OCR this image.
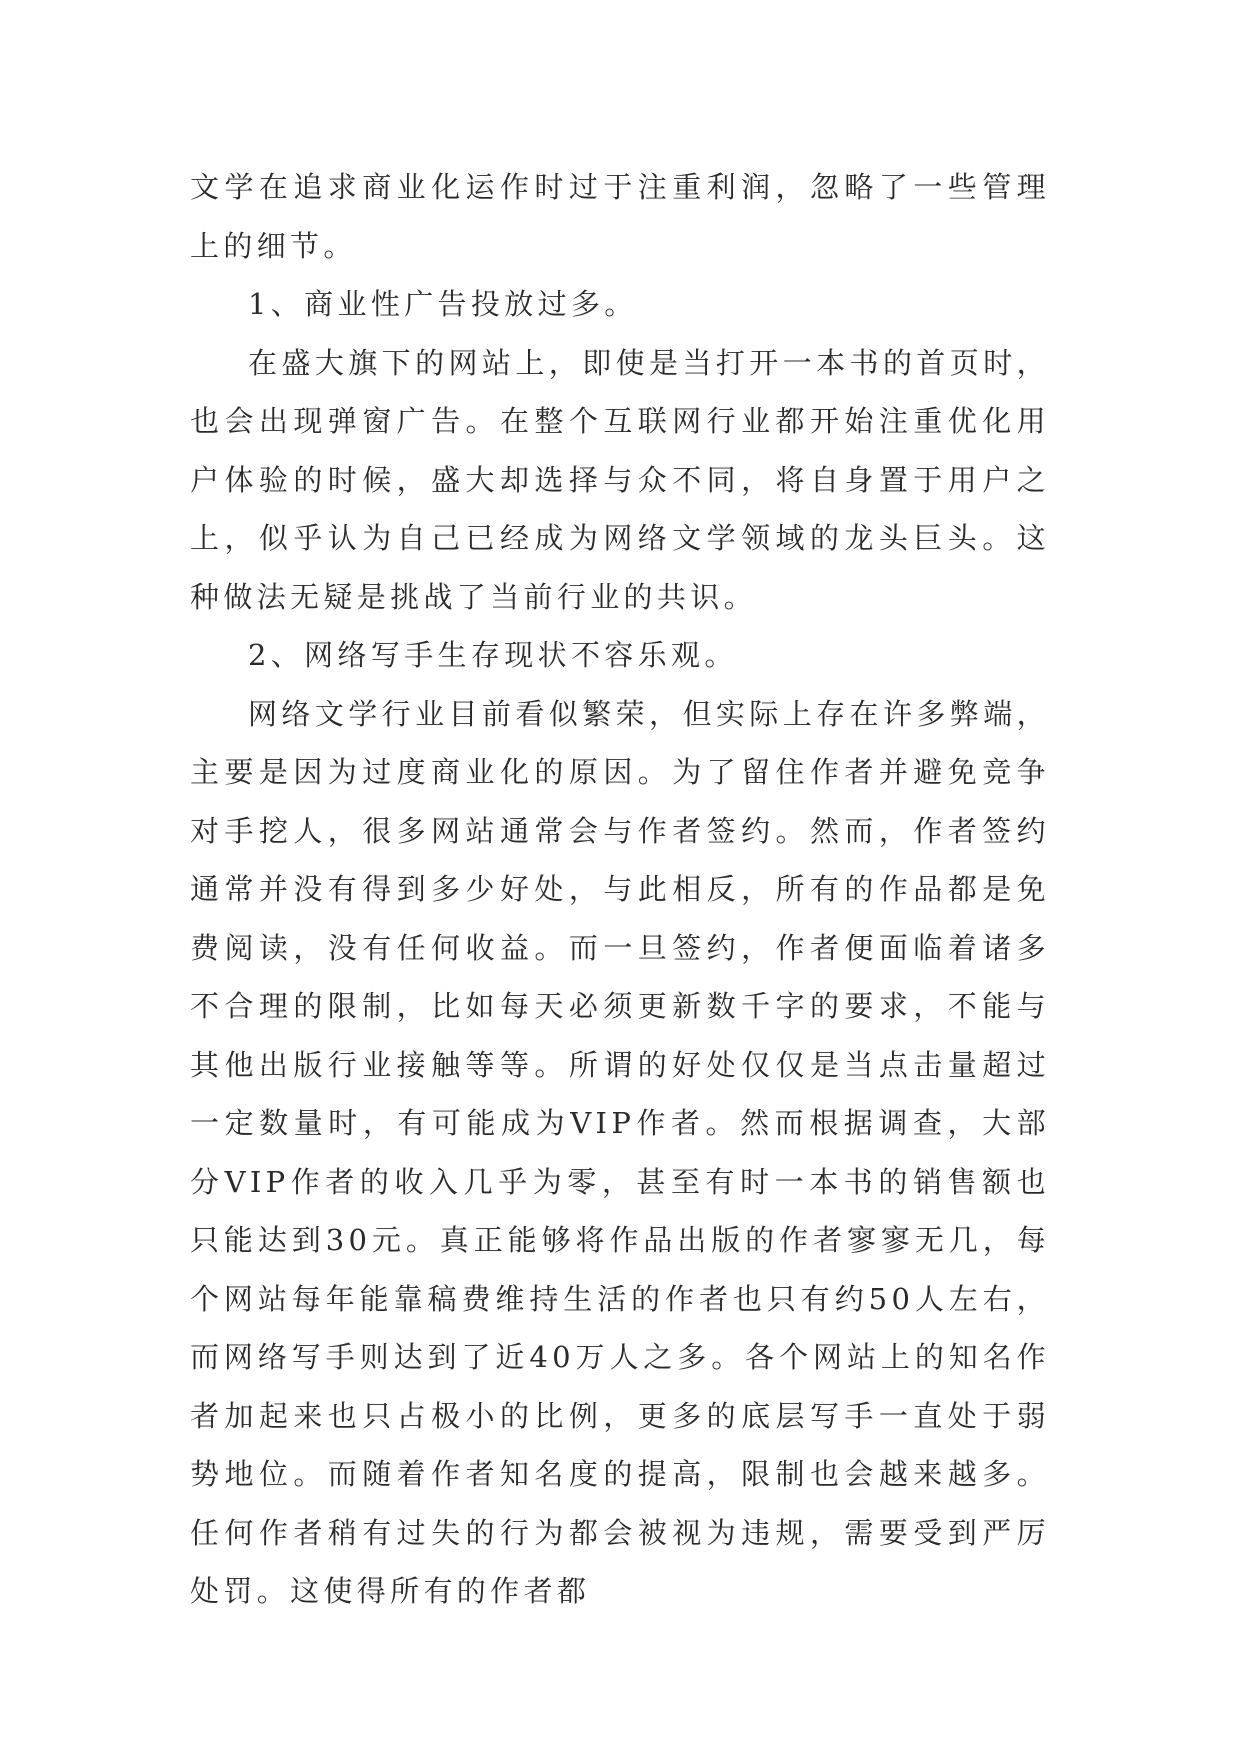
文学在追求商业化运作时过于注重利润，忽略了一些管理上的细节。

1、商业性广告投放过多。

在盛大旗下的网站上，即使是当打开一本书的首页时，也会出现弹窗广告。在整个互联网行业都开始注重优化用户体验的时候，盛大却选择与众不同，将自身置于用户之上，似乎认为自己已经成为网络文学领域的龙头巨头。这种做法无疑是挑战了当前行业的共识。

2、网络写手生存现状不容乐观。

网络文学行业目前看似繁荣，但实际上存在许多弊端，主要是因为过度商业化的原因。为了留住作者并避免竞争对手挖人，很多网站通常会与作者签约。然而，作者签约通常并没有得到多少好处，与此相反，所有的作品都是免费阅读，没有任何收益。而一旦签约，作者便面临着诸多不合理的限制，比如每天必须更新数千字的要求，不能与其他出版行业接触等等。所谓的好处仅仅是当点击量超过一定数量时，有可能成为VIP作者。然而根据调查，大部分VIP作者的收入几乎为零，甚至有时一本书的销售额也只能达到30元。真正能够将作品出版的作者寥寥无几，每个网站每年能靠稿费维持生活的作者也只有约50人左右，而网络写手则达到了近40万人之多。各个网站上的知名作者加起来也只占极小的比例，更多的底层写手一直处于弱势地位。而随着作者知名度的提高，限制也会越来越多。任何作者稍有过失的行为都会被视为违规，需要受到严厉处罚。这使得所有的作者都
